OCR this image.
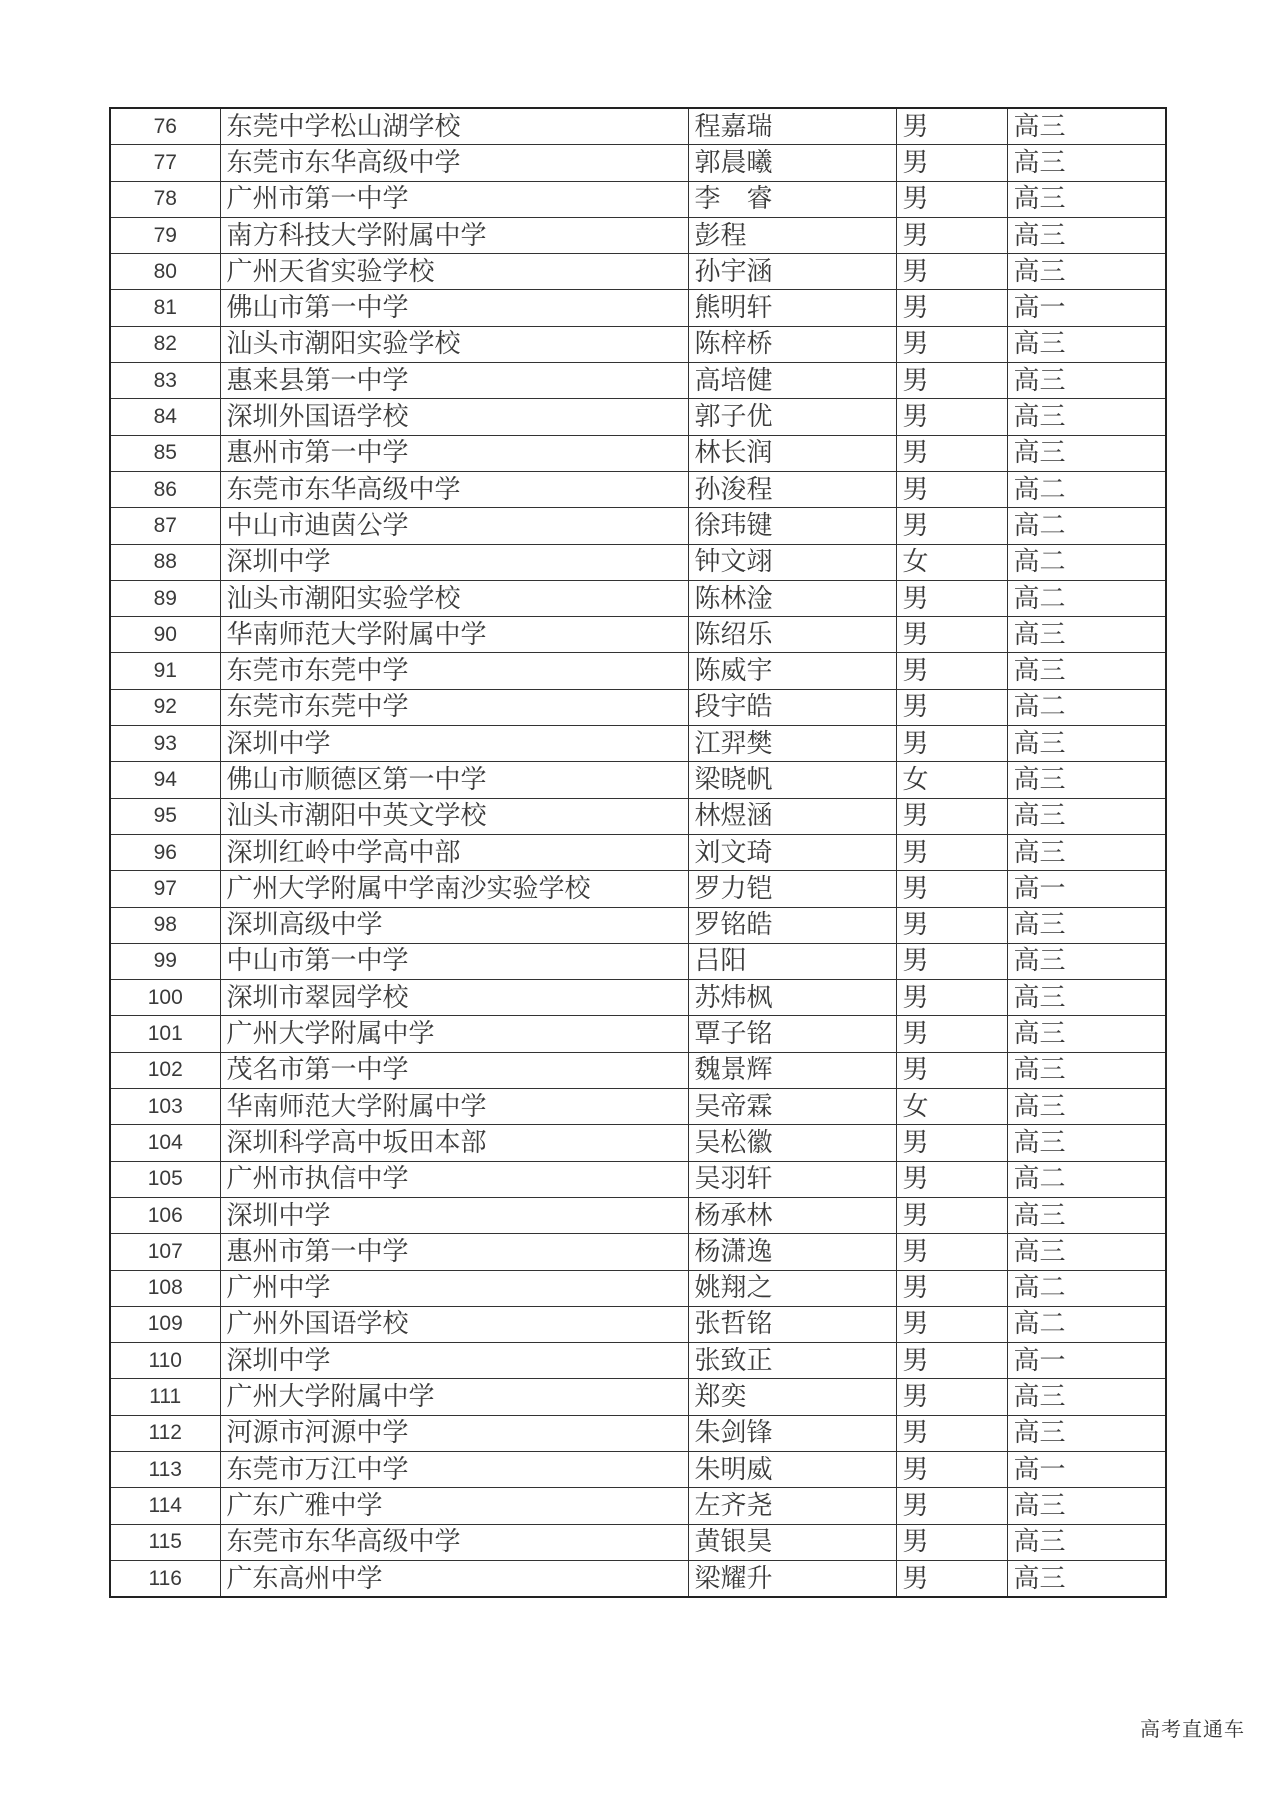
76	东莞中学松山湖学校	程嘉瑞	男	高三
77	东莞市东华高级中学	郭晨曦	男	高三
78	广州市第一中学	李　睿	男	高三
79	南方科技大学附属中学	彭程	男	高三
80	广州天省实验学校	孙宇涵	男	高三
81	佛山市第一中学	熊明轩	男	高一
82	汕头市潮阳实验学校	陈梓桥	男	高三
83	惠来县第一中学	高培健	男	高三
84	深圳外国语学校	郭子优	男	高三
85	惠州市第一中学	林长润	男	高三
86	东莞市东华高级中学	孙浚程	男	高二
87	中山市迪茵公学	徐玮键	男	高二
88	深圳中学	钟文翊	女	高二
89	汕头市潮阳实验学校	陈林淦	男	高二
90	华南师范大学附属中学	陈绍乐	男	高三
91	东莞市东莞中学	陈威宇	男	高三
92	东莞市东莞中学	段宇皓	男	高二
93	深圳中学	江羿樊	男	高三
94	佛山市顺德区第一中学	梁晓帆	女	高三
95	汕头市潮阳中英文学校	林煜涵	男	高三
96	深圳红岭中学高中部	刘文琦	男	高三
97	广州大学附属中学南沙实验学校	罗力铠	男	高一
98	深圳高级中学	罗铭皓	男	高三
99	中山市第一中学	吕阳	男	高三
100	深圳市翠园学校	苏炜枫	男	高三
101	广州大学附属中学	覃子铭	男	高三
102	茂名市第一中学	魏景辉	男	高三
103	华南师范大学附属中学	吴帝霖	女	高三
104	深圳科学高中坂田本部	吴松徽	男	高三
105	广州市执信中学	吴羽轩	男	高二
106	深圳中学	杨承林	男	高三
107	惠州市第一中学	杨潇逸	男	高三
108	广州中学	姚翔之	男	高二
109	广州外国语学校	张哲铭	男	高二
110	深圳中学	张致正	男	高一
111	广州大学附属中学	郑奕	男	高三
112	河源市河源中学	朱剑锋	男	高三
113	东莞市万江中学	朱明威	男	高一
114	广东广雅中学	左齐尧	男	高三
115	东莞市东华高级中学	黄银昊	男	高三
116	广东高州中学	梁耀升	男	高三
高考直通车
